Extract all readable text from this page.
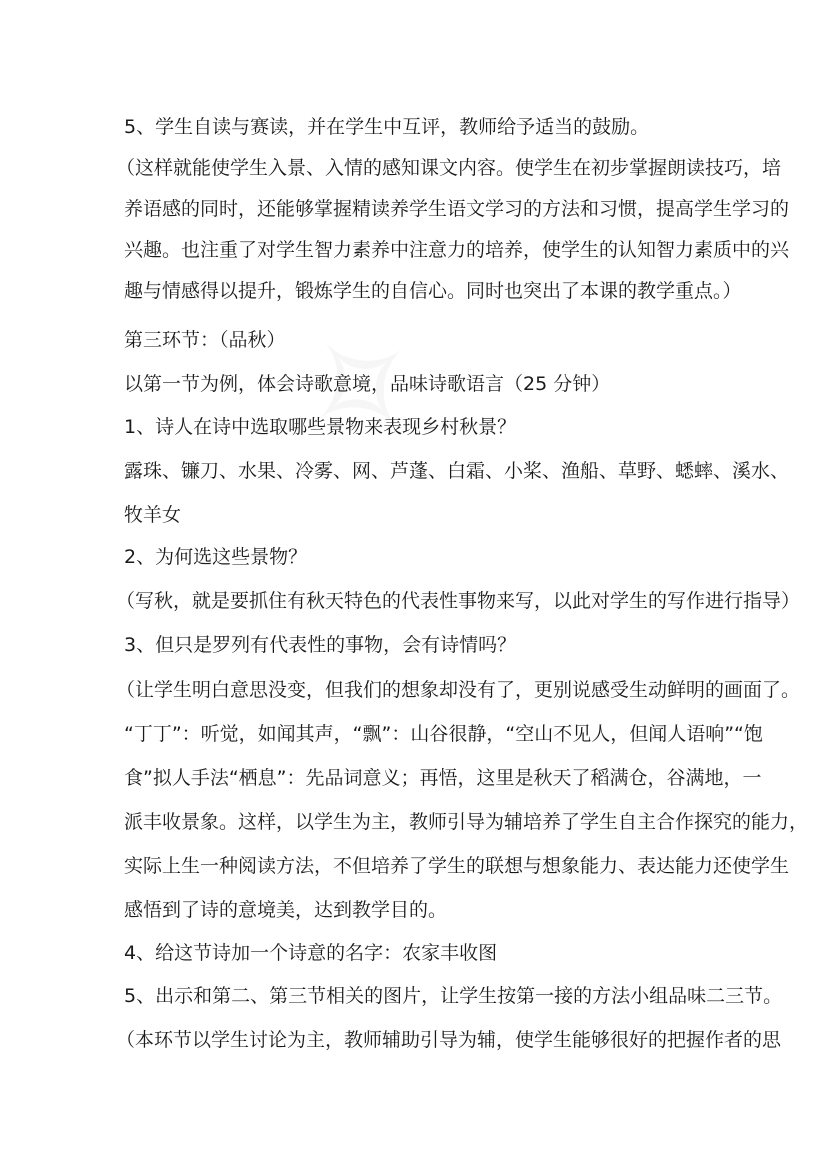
5、学生自读与赛读，并在学生中互评，教师给予适当的鼓励。
（这样就能使学生入景、入情的感知课文内容。使学生在初步掌握朗读技巧，培
养语感的同时，还能够掌握精读养学生语文学习的方法和习惯，提高学生学习的
兴趣。也注重了对学生智力素养中注意力的培养，使学生的认知智力素质中的兴
趣与情感得以提升，锻炼学生的自信心。同时也突出了本课的教学重点。）
第三环节：（品秋）
以第一节为例，体会诗歌意境，品味诗歌语言（25 分钟）
1、诗人在诗中选取哪些景物来表现乡村秋景？
露珠、镰刀、水果、冷雾、网、芦蓬、白霜、小桨、渔船、草野、蟋蟀、溪水、
牧羊女
2、为何选这些景物？
（写秋，就是要抓住有秋天特色的代表性事物来写，以此对学生的写作进行指导）
3、但只是罗列有代表性的事物，会有诗情吗？
（让学生明白意思没变，但我们的想象却没有了，更别说感受生动鲜明的画面了。
“丁丁”：听觉，如闻其声，“飘”：山谷很静，“空山不见人，但闻人语响”“饱
食”拟人手法“栖息”：先品词意义；再悟，这里是秋天了稻满仓，谷满地，一
派丰收景象。这样，以学生为主，教师引导为辅培养了学生自主合作探究的能力，
实际上生一种阅读方法，不但培养了学生的联想与想象能力、表达能力还使学生
感悟到了诗的意境美，达到教学目的。
4、给这节诗加一个诗意的名字：农家丰收图
5、出示和第二、第三节相关的图片，让学生按第一接的方法小组品味二三节。
（本环节以学生讨论为主，教师辅助引导为辅，使学生能够很好的把握作者的思
